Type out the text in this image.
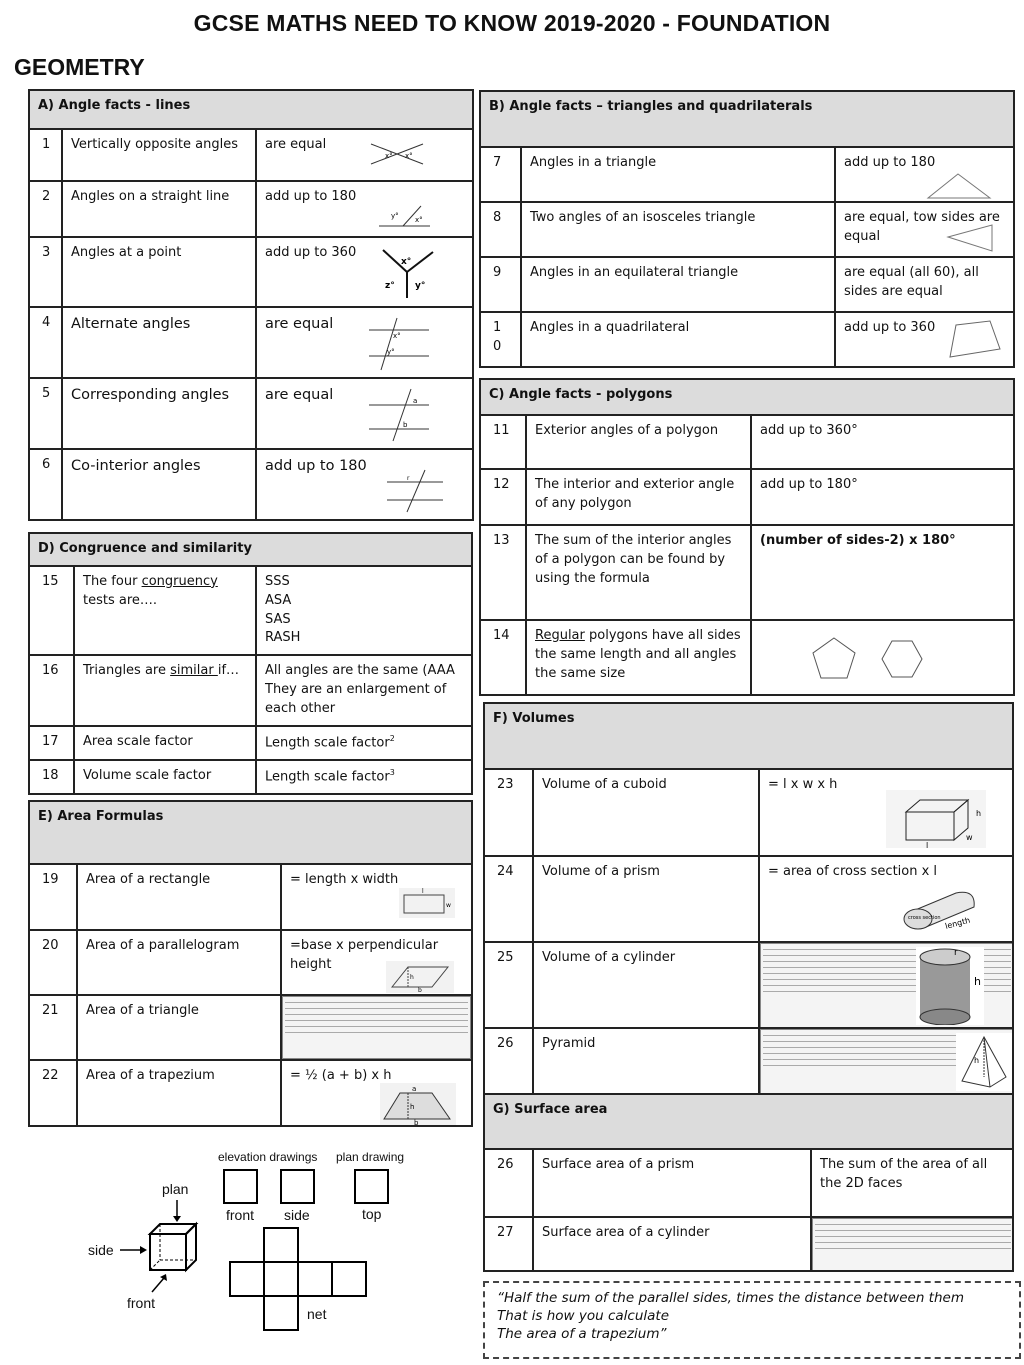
GCSE MATHS NEED TO KNOW 2019-2020 - FOUNDATION
GEOMETRY
A) Angle facts - lines		
1	Vertically opposite angles	are equal
x° x°

2	Angles on a straight line	add up to 180
y° x°

3	Angles at a point	add up to 360
x°
z° y°

4	Alternate angles	are equal
x°
y°

5	Corresponding angles	are equal a
b

6	Co-interior angles	add up to 180
r
B) Angle facts – triangles and quadrilaterals		
7	Angles in a triangle	add up to 180

8	Two angles of an isosceles triangle	are equal, tow sides are equal

9	Angles in an equilateral triangle	are equal (all 60), all sides are equal
1
0	Angles in a quadrilateral	add up to 360
C) Angle facts - polygons		
11	Exterior angles of a polygon	add up to 360°
12	The interior and exterior angle of any polygon	add up to 180°
13	The sum of the interior angles of a polygon can be found by using the formula	(number of sides-2) x 180°
14	Regular polygons have all sides the same length and all angles the same size	
D) Congruence and similarity		
15	The four congruency tests are….	SSS
ASA
SAS
RASH
16	Triangles are similar if…	All angles are the same (AAA
They are an enlargement of each other
17	Area scale factor	Length scale factor$^2$
18	Volume scale factor	Length scale factor$^3$
E) Area Formulas		
19	Area of a rectangle	= length x width
w
l

20	Area of a parallelogram	=base x perpendicular height
h
b

21	Area of a triangle	

22	Area of a trapezium	= ½ (a + b) x h
a
h
b
F) Volumes		
23	Volume of a cuboid	= l x w x h
h
w
l

24	Volume of a prism	= area of cross section x l
cross section length

25	Volume of a cylinder	h
r

26	Pyramid	h
G) Surface area		
26	Surface area of a prism	The sum of the area of all the 2D faces
27	Surface area of a cylinder	
elevation drawings plan drawing
plan
side
front
front side	top
net
“Half the sum of the parallel sides, times the distance between them
That is how you calculate
The area of a trapezium”
